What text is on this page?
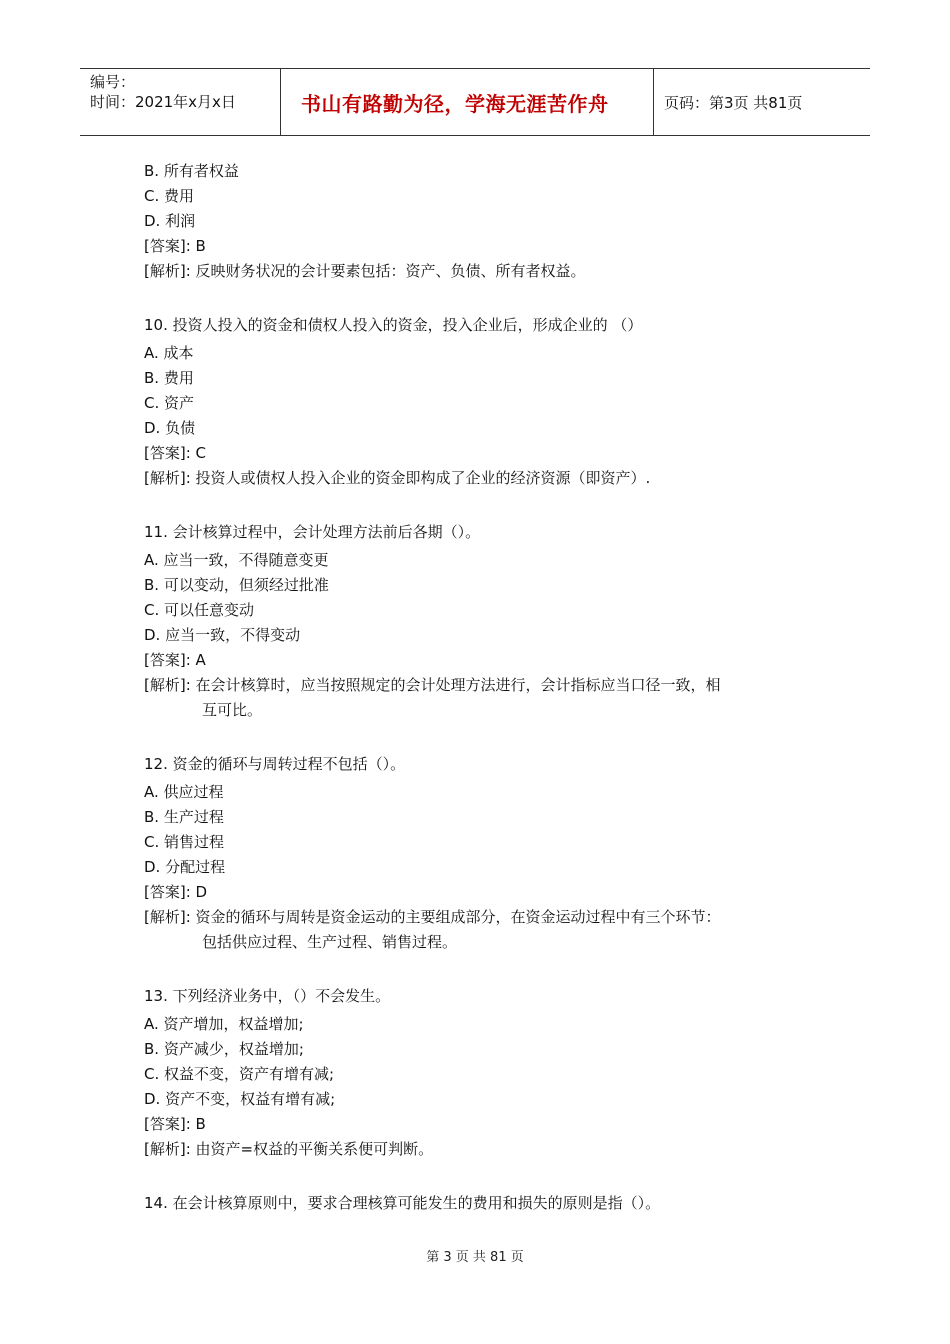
编号：
时间：2021年x月x日	书山有路勤为径，学海无涯苦作舟	页码：第3页 共81页
B. 所有者权益
C. 费用
D. 利润
[答案]: B
[解析]: 反映财务状况的会计要素包括：资产、负债、所有者权益。
10. 投资人投入的资金和债权人投入的资金，投入企业后，形成企业的 （）
A. 成本
B. 费用
C. 资产
D. 负债
[答案]: C
[解析]: 投资人或债权人投入企业的资金即构成了企业的经济资源（即资产）.
11. 会计核算过程中，会计处理方法前后各期（）。
A. 应当一致，不得随意变更
B. 可以变动，但须经过批准
C. 可以任意变动
D. 应当一致，不得变动
[答案]: A
[解析]: 在会计核算时，应当按照规定的会计处理方法进行，会计指标应当口径一致，相
互可比。
12. 资金的循环与周转过程不包括（）。
A. 供应过程
B. 生产过程
C. 销售过程
D. 分配过程
[答案]: D
[解析]: 资金的循环与周转是资金运动的主要组成部分，在资金运动过程中有三个环节：
包括供应过程、生产过程、销售过程。
13. 下列经济业务中，（）不会发生。
A. 资产增加，权益增加;
B. 资产减少，权益增加;
C. 权益不变，资产有增有减;
D. 资产不变，权益有增有减;
[答案]: B
[解析]: 由资产=权益的平衡关系便可判断。
14. 在会计核算原则中，要求合理核算可能发生的费用和损失的原则是指（）。
第 3 页 共 81 页
